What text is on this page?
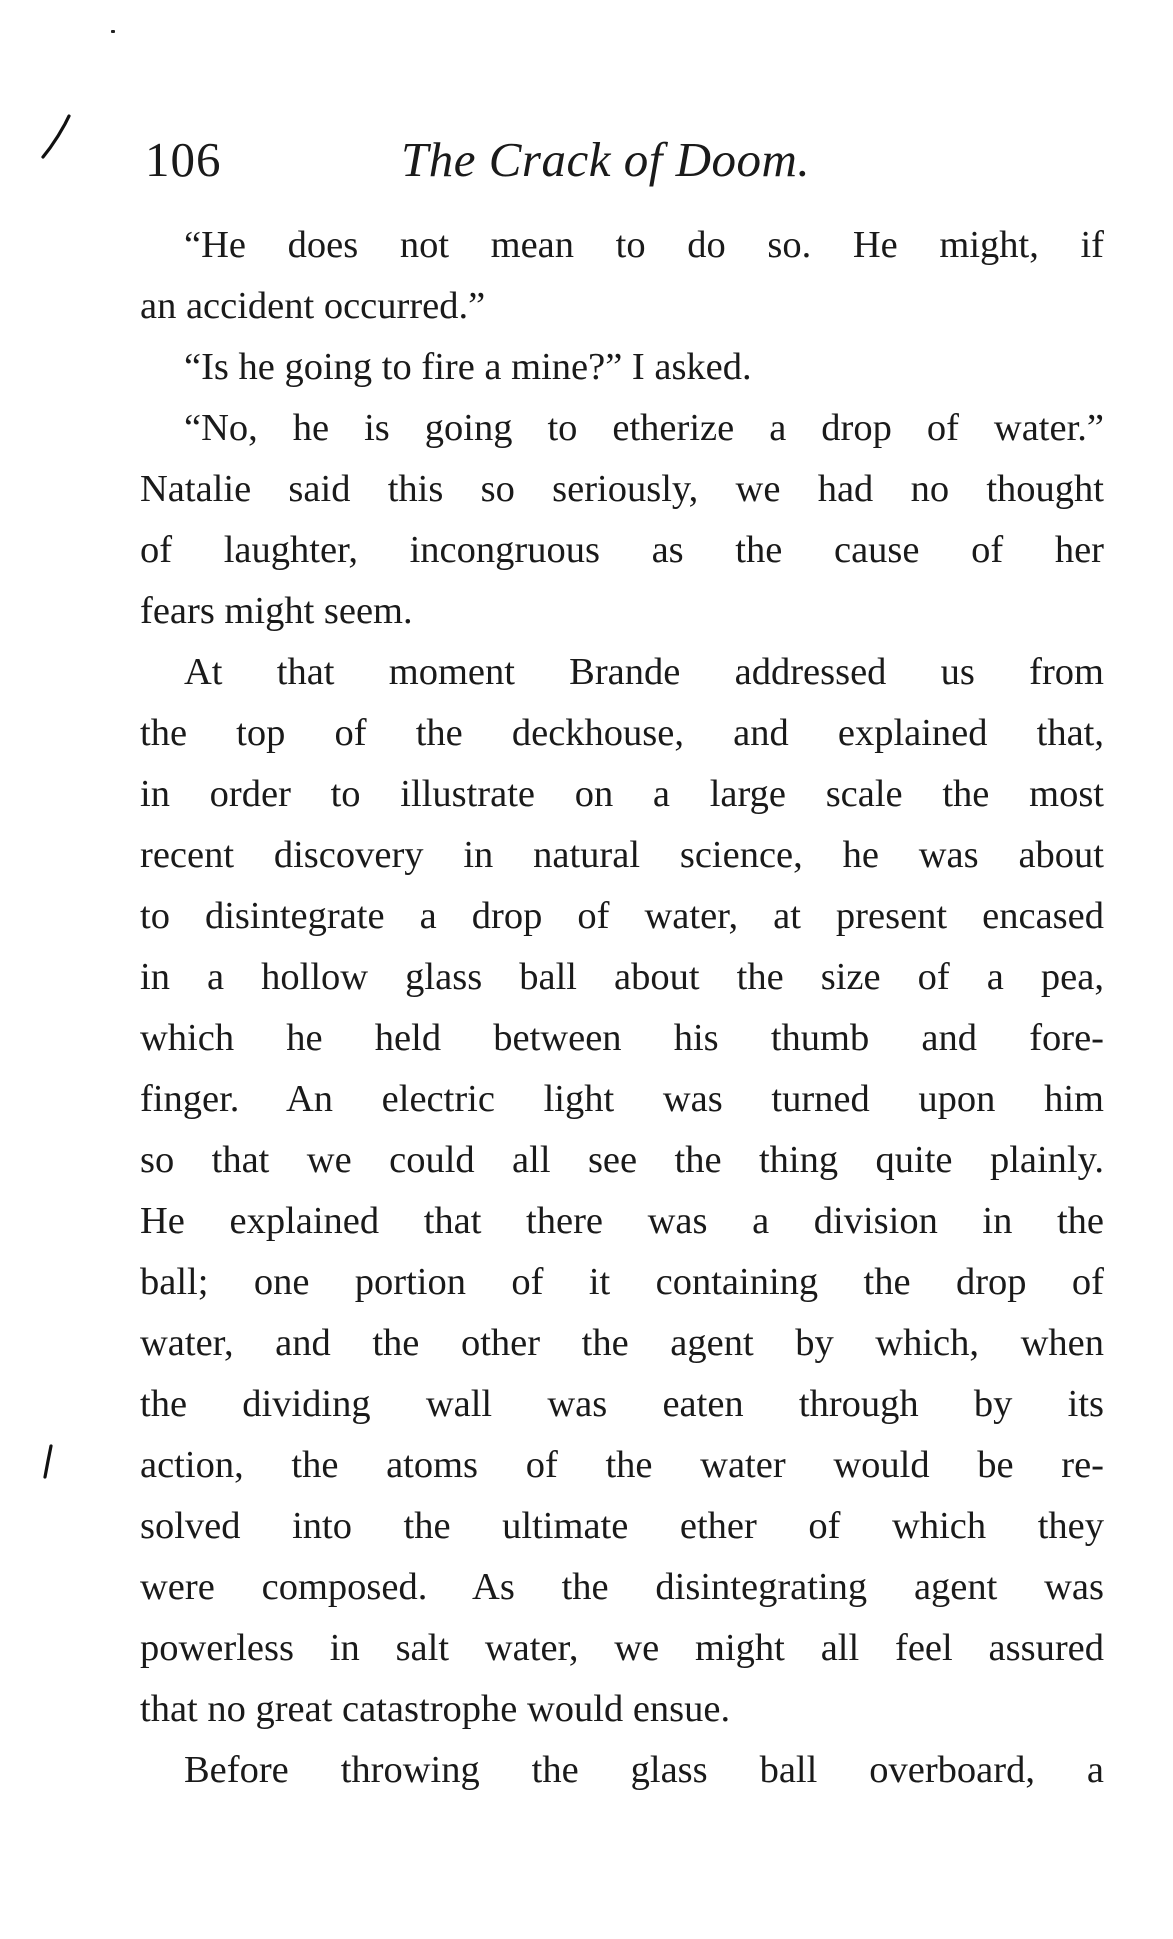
106	The Crack of Doom.
“He does not mean to do so. He might, if
an accident occurred.”
“Is he going to fire a mine?” I asked.
“No, he is going to etherize a drop of water.”
Natalie said this so seriously, we had no thought
of laughter, incongruous as the cause of her
fears might seem.
At that moment Brande addressed us from
the top of the deckhouse, and explained that,
in order to illustrate on a large scale the most
recent discovery in natural science, he was about
to disintegrate a drop of water, at present encased
in a hollow glass ball about the size of a pea,
which he held between his thumb and fore-
finger. An electric light was turned upon him
so that we could all see the thing quite plainly.
He explained that there was a division in the
ball; one portion of it containing the drop of
water, and the other the agent by which, when
the dividing wall was eaten through by its
action, the atoms of the water would be re-
solved into the ultimate ether of which they
were composed. As the disintegrating agent was
powerless in salt water, we might all feel assured
that no great catastrophe would ensue.
Before throwing the glass ball overboard, a
